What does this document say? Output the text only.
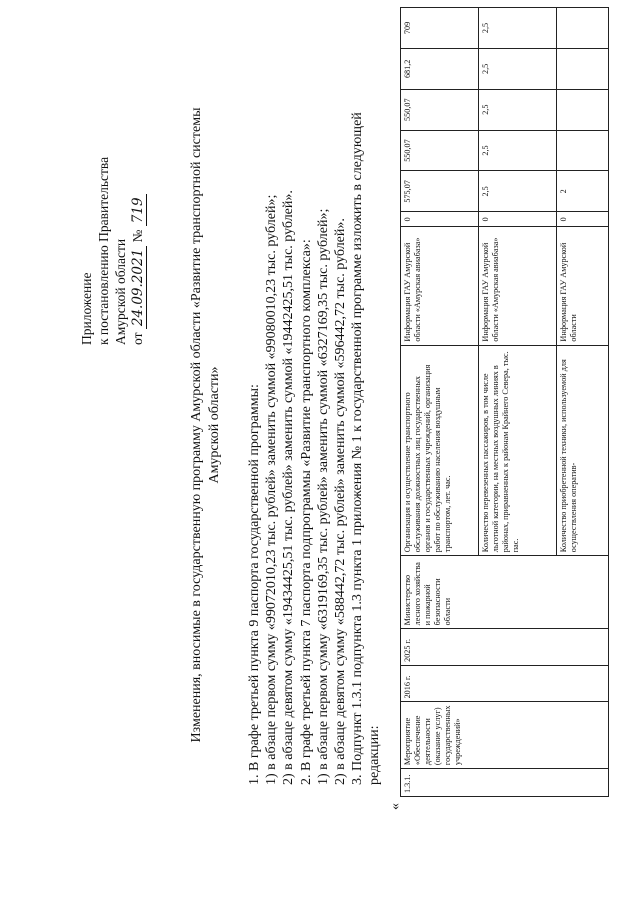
Приложение к постановлению Правительства Амурской области от 24.09.2021 № 719	Изменения, вносимые в государственную программу Амурской области «Развитие транспортной системы Амурской области» 1. В графе третьей пункта 9 паспорта государственной программы: 1) в абзаце первом сумму «99072010,23 тыс. рублей» заменить суммой «99080010,23 тыс. рублей»; 2) в абзаце девятом сумму «19434425,51 тыс. рублей» заменить суммой «19442425,51 тыс. рублей». 2. В графе третьей пункта 7 паспорта подпрограммы «Развитие транспортного комплекса»: 1) в абзаце первом сумму «6319169,35 тыс. рублей» заменить суммой «6327169,35 тыс. рублей»; 2) в абзаце девятом сумму «588442,72 тыс. рублей» заменить суммой «596442,72 тыс. рублей». 3. Подпункт 1.3.1 подпункта 1.3 пункта 1 приложения № 1 к государственной программе изложить в следующей редакции:
«
1.3.1.	Мероприятие «Обеспечение деятельности (оказание услуг) государственных учреждений»	2016 г.	2025 г.	Министерство лесного хозяйства и пожарной безопасности области	Организация и осуществление транспортного обслуживания должностных лиц государственных органов и государственных учреждений, организация работ по обслуживанию населения воздушным транспортом, лет. час.	Информация ГАУ Амурской области «Амурская авиабаза»	0	575,07	550,07	550,07	681,2	709
					Количество перевезенных пассажиров, в том числе льготной категории, на местных воздушных линиях в районах, приравненных к районам Крайнего Севера, тыс. пас.	Информация ГАУ Амурской области «Амурская авиабаза»	0	2,5	2,5	2,5	2,5	2,5
					Количество приобретенной техники, используемой для осуществления оператив-	Информация ГАУ Амурской области	0	2				
